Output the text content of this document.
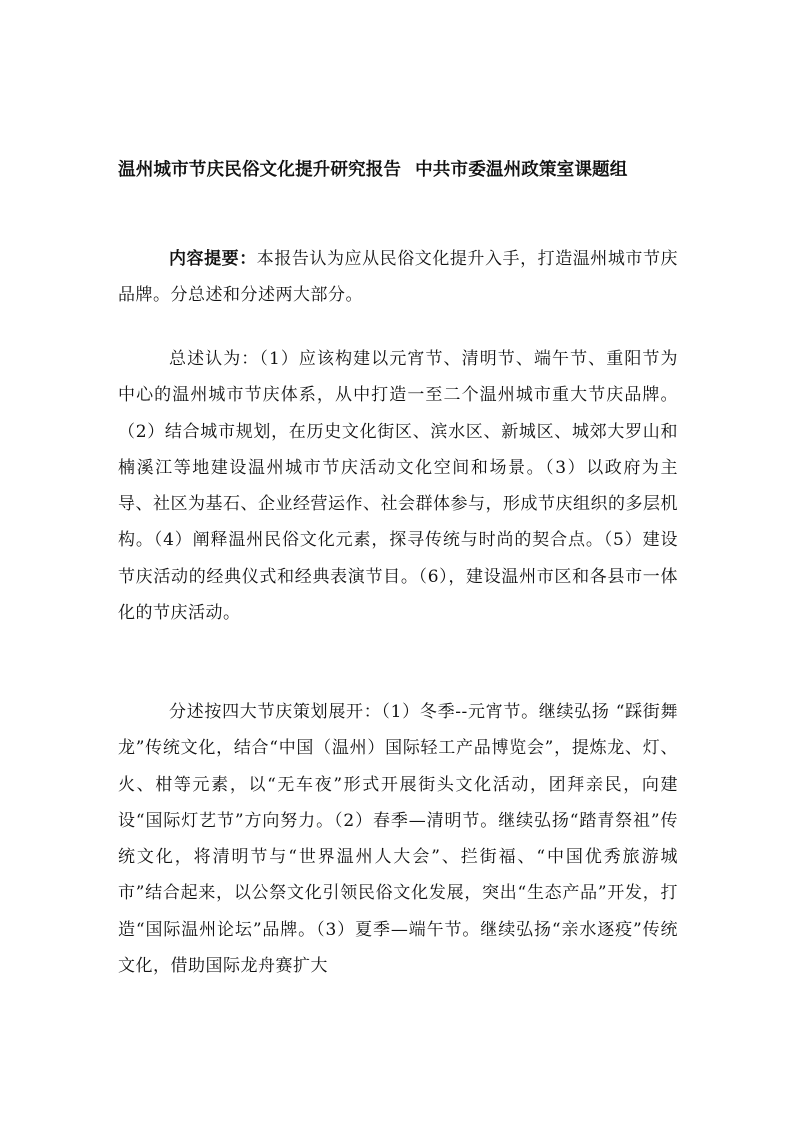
温州城市节庆民俗文化提升研究报告 中共市委温州政策室课题组

内容提要：本报告认为应从民俗文化提升入手，打造温州城市节庆品牌。分总述和分述两大部分。

总述认为：（1）应该构建以元宵节、清明节、端午节、重阳节为中心的温州城市节庆体系，从中打造一至二个温州城市重大节庆品牌。（2）结合城市规划，在历史文化街区、滨水区、新城区、城郊大罗山和楠溪江等地建设温州城市节庆活动文化空间和场景。（3）以政府为主导、社区为基石、企业经营运作、社会群体参与，形成节庆组织的多层机构。（4）阐释温州民俗文化元素，探寻传统与时尚的契合点。（5）建设节庆活动的经典仪式和经典表演节目。（6），建设温州市区和各县市一体化的节庆活动。

分述按四大节庆策划展开：（1）冬季--元宵节。继续弘扬 “踩街舞龙”传统文化，结合“中国（温州）国际轻工产品博览会”，提炼龙、灯、火、柑等元素，以“无车夜”形式开展街头文化活动，团拜亲民，向建设“国际灯艺节”方向努力。（2）春季—清明节。继续弘扬“踏青祭祖”传统文化，将清明节与“世界温州人大会”、拦街福、“中国优秀旅游城市”结合起来，以公祭文化引领民俗文化发展，突出“生态产品”开发，打造“国际温州论坛”品牌。（3）夏季—端午节。继续弘扬“亲水逐疫”传统文化，借助国际龙舟赛扩大
